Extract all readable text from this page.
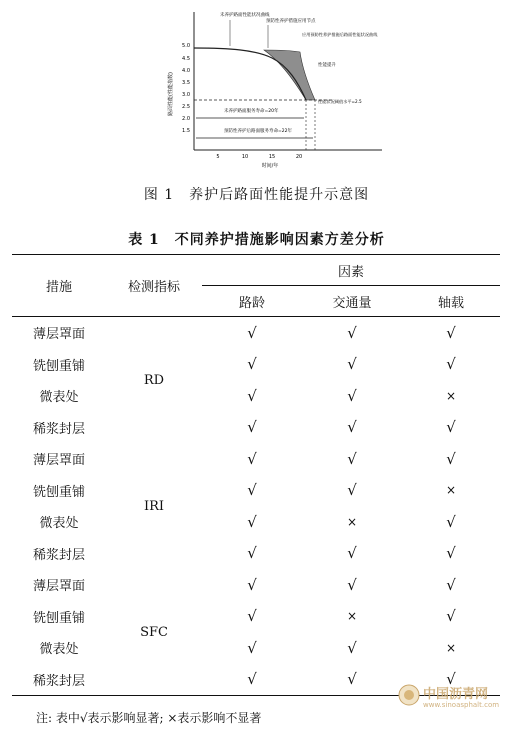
5.0
4.5
4.0
3.5
3.0
2.5
2.0
1.5
路面性能(性能指数)
5	10	15	20
时间/年
未养护路面性能状况曲线
预防性养护措施应用节点
应用预防性养护措施后路面性能状况曲线
性能提升
性能状况阈值水平=2.5
未养护路面服务寿命=20年
预防性养护后路面服务寿命=22年
图 1　养护后路面性能提升示意图
表 1　不同养护措施影响因素方差分析
措施	检测指标	因素		
		路龄	交通量	轴载
薄层罩面	RD	√	√	√
铣刨重铺		√	√	√
微表处		√	√	×
稀浆封层		√	√	√
薄层罩面	IRI	√	√	√
铣刨重铺		√	√	×
微表处		√	×	√
稀浆封层		√	√	√
薄层罩面	SFC	√	√	√
铣刨重铺		√	×	√
微表处		√	√	×
稀浆封层		√	√	√
注: 表中√表示影响显著; ×表示影响不显著
中国沥青网
www.sinoasphalt.com
